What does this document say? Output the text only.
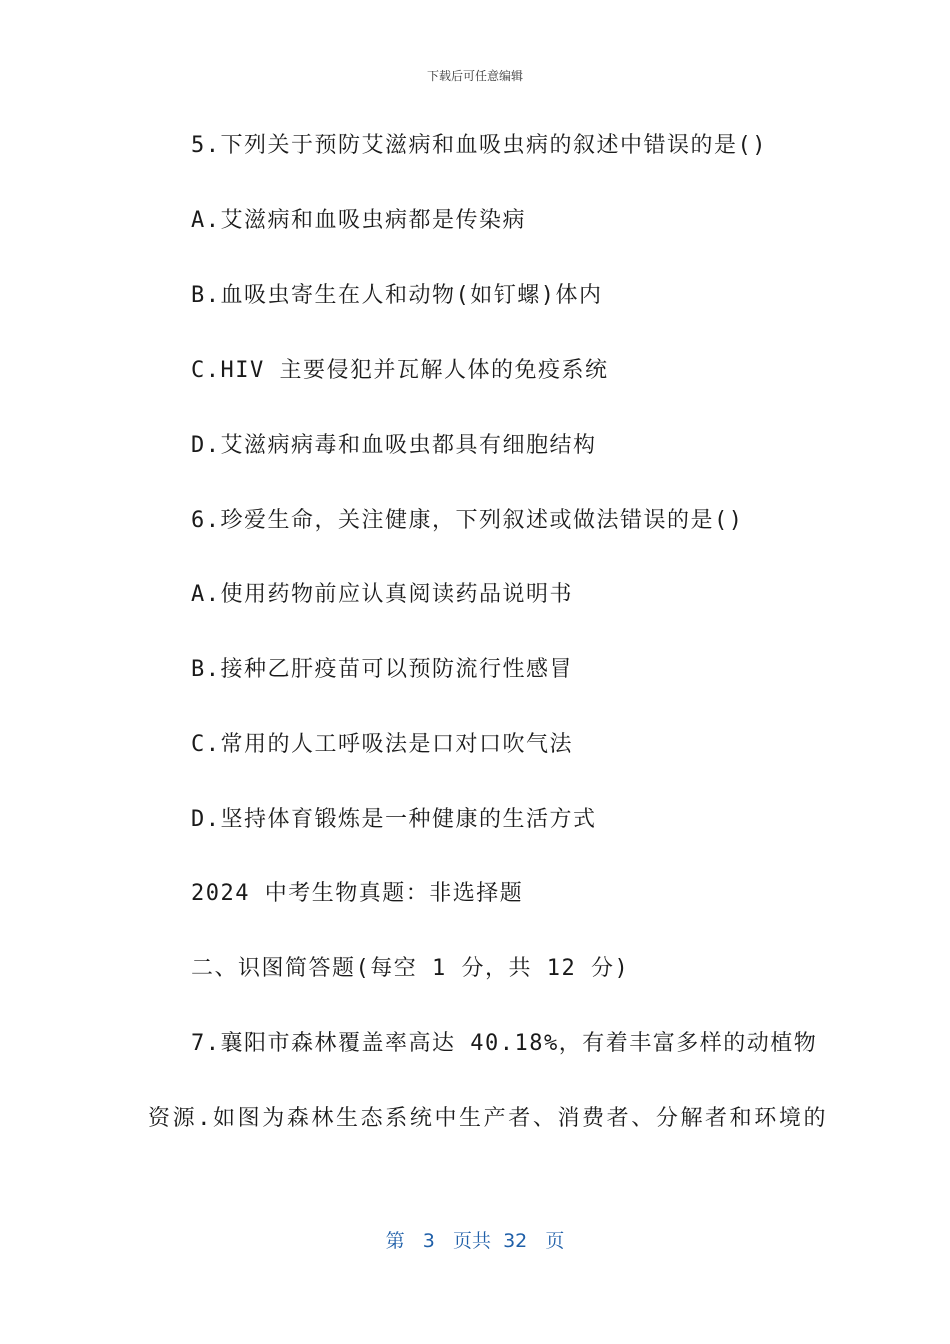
下载后可任意编辑
5.下列关于预防艾滋病和血吸虫病的叙述中错误的是()
A.艾滋病和血吸虫病都是传染病
B.血吸虫寄生在人和动物(如钉螺)体内
C.HIV 主要侵犯并瓦解人体的免疫系统
D.艾滋病病毒和血吸虫都具有细胞结构
6.珍爱生命，关注健康，下列叙述或做法错误的是()
A.使用药物前应认真阅读药品说明书
B.接种乙肝疫苗可以预防流行性感冒
C.常用的人工呼吸法是口对口吹气法
D.坚持体育锻炼是一种健康的生活方式
2024 中考生物真题：非选择题
二、识图简答题(每空 1 分，共 12 分)
7.襄阳市森林覆盖率高达 40.18%，有着丰富多样的动植物
资源.如图为森林生态系统中生产者、消费者、分解者和环境的
第 3 页共 32 页
